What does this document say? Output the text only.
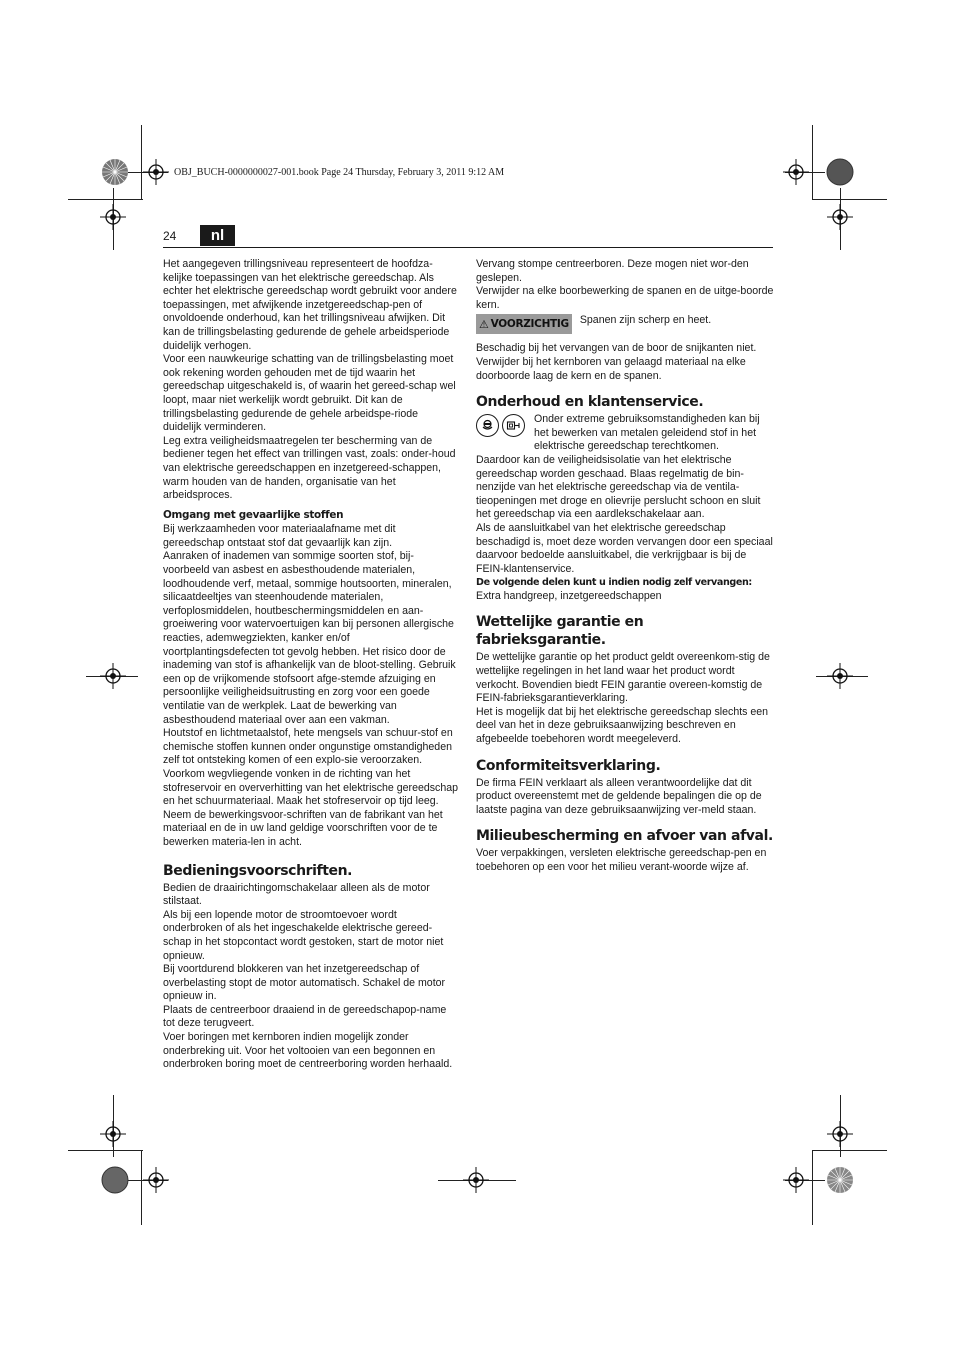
OBJ_BUCH-0000000027-001.book Page 24 Thursday, February 3, 2011 9:12 AM
24	nl

Het aangegeven trillingsniveau representeert de hoofdza-kelijke toepassingen van het elektrische gereedschap. Als echter het elektrische gereedschap wordt gebruikt voor andere toepassingen, met afwijkende inzetgereedschap-pen of onvoldoende onderhoud, kan het trillingsniveau afwijken. Dit kan de trillingsbelasting gedurende de gehele arbeidsperiode duidelijk verhogen.

Voor een nauwkeurige schatting van de trillingsbelasting moet ook rekening worden gehouden met de tijd waarin het gereedschap uitgeschakeld is, of waarin het gereed-schap wel loopt, maar niet werkelijk wordt gebruikt. Dit kan de trillingsbelasting gedurende de gehele arbeidspe-riode duidelijk verminderen.

Leg extra veiligheidsmaatregelen ter bescherming van de bediener tegen het effect van trillingen vast, zoals: onder-houd van elektrische gereedschappen en inzetgereed-schappen, warm houden van de handen, organisatie van het arbeidsproces.

Omgang met gevaarlijke stoffen

Bij werkzaamheden voor materiaalafname met dit gereedschap ontstaat stof dat gevaarlijk kan zijn.

Aanraken of inademen van sommige soorten stof, bij-voorbeeld van asbest en asbesthoudende materialen, loodhoudende verf, metaal, sommige houtsoorten, mineralen, silicaatdeeltjes van steenhoudende materialen, verfoplosmiddelen, houtbeschermingsmiddelen en aan-groeiwering voor watervoertuigen kan bij personen allergische reacties, ademwegziekten, kanker en/of voortplantingsdefecten tot gevolg hebben. Het risico door de inademing van stof is afhankelijk van de bloot-stelling. Gebruik een op de vrijkomende stofsoort afge-stemde afzuiging en persoonlijke veiligheidsuitrusting en zorg voor een goede ventilatie van de werkplek. Laat de bewerking van asbesthoudend materiaal over aan een vakman.

Houtstof en lichtmetaalstof, hete mengsels van schuur-stof en chemische stoffen kunnen onder ongunstige omstandigheden zelf tot ontsteking komen of een explo-sie veroorzaken. Voorkom wegvliegende vonken in de richting van het stofreservoir en oververhitting van het elektrische gereedschap en het schuurmateriaal. Maak het stofreservoir op tijd leeg. Neem de bewerkingsvoor-schriften van de fabrikant van het materiaal en de in uw land geldige voorschriften voor de te bewerken materia-len in acht.

Bedieningsvoorschriften.

Bedien de draairichtingomschakelaar alleen als de motor stilstaat.

Als bij een lopende motor de stroomtoevoer wordt onderbroken of als het ingeschakelde elektrische gereed-schap in het stopcontact wordt gestoken, start de motor niet opnieuw.

Bij voortdurend blokkeren van het inzetgereedschap of overbelasting stopt de motor automatisch. Schakel de motor opnieuw in.

Plaats de centreerboor draaiend in de gereedschapop-name tot deze terugveert.

Voer boringen met kernboren indien mogelijk zonder onderbreking uit. Voor het voltooien van een begonnen en onderbroken boring moet de centreerboring worden herhaald.

Vervang stompe centreerboren. Deze mogen niet wor-den geslepen.

Verwijder na elke boorbewerking de spanen en de uitge-boorde kern.

⚠ VOORZICHTIG Spanen zijn scherp en heet.

Beschadig bij het vervangen van de boor de snijkanten niet.

Verwijder bij het kernboren van gelaagd materiaal na elke doorboorde laag de kern en de spanen.

Onderhoud en klantenservice.

Onder extreme gebruiksomstandigheden kan bij het bewerken van metalen geleidend stof in het elektrische gereedschap terechtkomen.

Daardoor kan de veiligheidsisolatie van het elektrische gereedschap worden geschaad. Blaas regelmatig de bin-nenzijde van het elektrische gereedschap via de ventila-tieopeningen met droge en olievrije perslucht schoon en sluit het gereedschap via een aardlekschakelaar aan.

Als de aansluitkabel van het elektrische gereedschap beschadigd is, moet deze worden vervangen door een speciaal daarvoor bedoelde aansluitkabel, die verkrijgbaar is bij de FEIN-klantenservice.

De volgende delen kunt u indien nodig zelf vervangen:

Extra handgreep, inzetgereedschappen

Wettelijke garantie en fabrieksgarantie.

De wettelijke garantie op het product geldt overeenkom-stig de wettelijke regelingen in het land waar het product wordt verkocht. Bovendien biedt FEIN garantie overeen-komstig de FEIN-fabrieksgarantieverklaring.

Het is mogelijk dat bij het elektrische gereedschap slechts een deel van het in deze gebruiksaanwijzing beschreven en afgebeelde toebehoren wordt meegeleverd.

Conformiteitsverklaring.

De firma FEIN verklaart als alleen verantwoordelijke dat dit product overeenstemt met de geldende bepalingen die op de laatste pagina van deze gebruiksaanwijzing ver-meld staan.

Milieubescherming en afvoer van afval.

Voer verpakkingen, versleten elektrische gereedschap-pen en toebehoren op een voor het milieu verant-woorde wijze af.
